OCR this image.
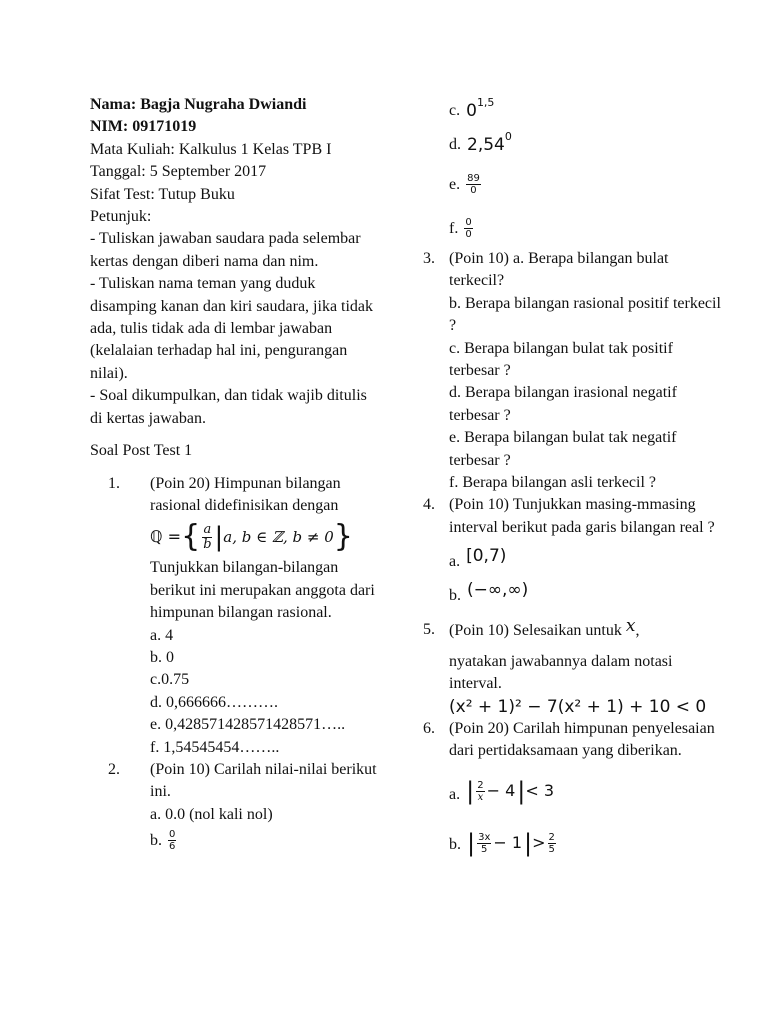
Nama: Bagja Nugraha Dwiandi
NIM: 09171019
Mata Kuliah: Kalkulus 1 Kelas TPB I
Tanggal: 5 September 2017
Sifat Test: Tutup Buku
Petunjuk:
- Tuliskan jawaban saudara pada selembar kertas dengan diberi nama dan nim.
- Tuliskan nama teman yang duduk disamping kanan dan kiri saudara, jika tidak ada, tulis tidak ada di lembar jawaban (kelalaian terhadap hal ini, pengurangan nilai).
- Soal dikumpulkan, dan tidak wajib ditulis di kertas jawaban.
Soal Post Test 1
1.	(Poin 20) Himpunan bilangan rasional didefinisikan dengan
ℚ = { $\frac{a}{b}$ | a, b ∈ ℤ, b ≠ 0 }
Tunjukkan bilangan-bilangan berikut ini merupakan anggota dari himpunan bilangan rasional.
a. 4
b. 0
c.0.75
d. 0,666666……….
e. 0,428571428571428571…..
f. 1,54545454……..
2.	(Poin 10) Carilah nilai-nilai berikut ini.
a. 0.0 (nol kali nol)
b. $\frac{0}{6}$
c. 0$^{1,5}$
d. 2,54$^0$
e. $\frac{89}{0}$
f. $\frac{0}{0}$
3. (Poin 10) a. Berapa bilangan bulat terkecil?
b. Berapa bilangan rasional positif terkecil ?
c. Berapa bilangan bulat tak positif terbesar ?
d. Berapa bilangan irasional negatif terbesar ?
e. Berapa bilangan bulat tak negatif terbesar ?
f. Berapa bilangan asli terkecil ?
4. (Poin 10) Tunjukkan masing-mmasing interval berikut pada garis bilangan real ?
a. [0,7)
b. (−∞,∞)
5. (Poin 10) Selesaikan untuk x,
nyatakan jawabannya dalam notasi interval.
(x² + 1)² − 7(x² + 1) + 10 < 0
6. (Poin 20) Carilah himpunan penyelesaian dari pertidaksamaan yang diberikan.
a. | $\frac{2}{x} - 4$ | < 3
b. | $\frac{3x}{5} - 1$ | > $\frac{2}{5}$
